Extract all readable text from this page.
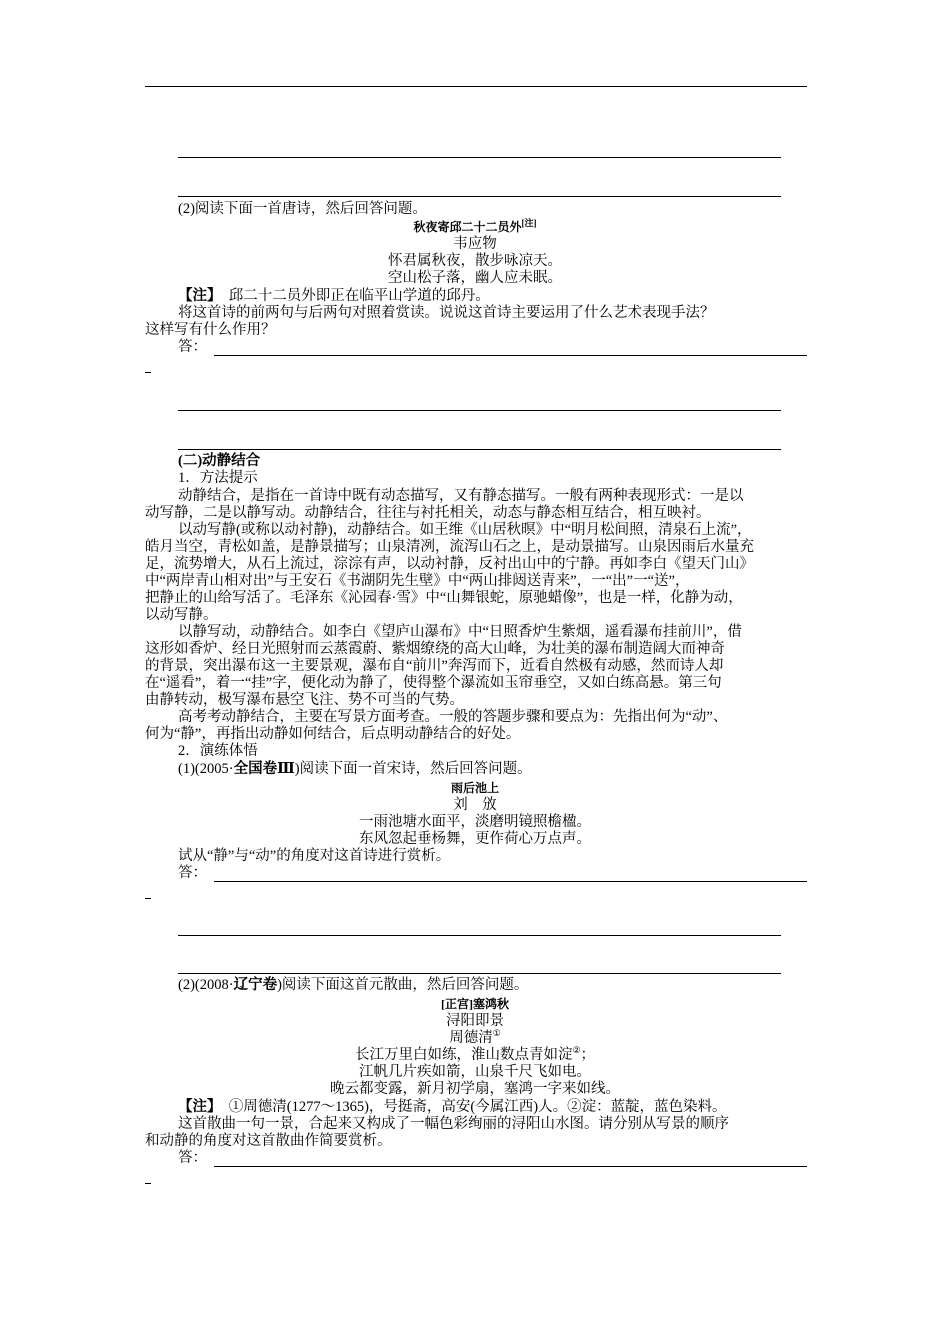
(2)阅读下面一首唐诗，然后回答问题。
秋夜寄邱二十二员外[注]
韦应物
怀君属秋夜，散步咏凉天。
空山松子落，幽人应未眠。
【注】 邱二十二员外即正在临平山学道的邱丹。
将这首诗的前两句与后两句对照着赏读。说说这首诗主要运用了什么艺术表现手法？
这样写有什么作用？
答：
(二)动静结合
1．方法提示
动静结合，是指在一首诗中既有动态描写，又有静态描写。一般有两种表现形式：一是以
动写静，二是以静写动。动静结合，往往与衬托相关，动态与静态相互结合，相互映衬。
以动写静(或称以动衬静)，动静结合。如王维《山居秋暝》中“明月松间照，清泉石上流”，
皓月当空，青松如盖，是静景描写；山泉清冽，流泻山石之上，是动景描写。山泉因雨后水量充
足，流势增大，从石上流过，淙淙有声，以动衬静，反衬出山中的宁静。再如李白《望天门山》
中“两岸青山相对出”与王安石《书湖阴先生壁》中“两山排闼送青来”，一“出”一“送”，
把静止的山给写活了。毛泽东《沁园春·雪》中“山舞银蛇，原驰蜡像”，也是一样，化静为动，
以动写静。
以静写动，动静结合。如李白《望庐山瀑布》中“日照香炉生紫烟，遥看瀑布挂前川”，借
这形如香炉、经日光照射而云蒸霞蔚、紫烟缭绕的高大山峰，为壮美的瀑布制造阔大而神奇
的背景，突出瀑布这一主要景观，瀑布自“前川”奔泻而下，近看自然极有动感，然而诗人却
在“遥看”，着一“挂”字，便化动为静了，使得整个瀑流如玉帘垂空，又如白练高悬。第三句
由静转动，极写瀑布悬空飞注、势不可当的气势。
高考考动静结合，主要在写景方面考查。一般的答题步骤和要点为：先指出何为“动”、
何为“静”，再指出动静如何结合，后点明动静结合的好处。
2．演练体悟
(1)(2005·全国卷Ⅲ)阅读下面一首宋诗，然后回答问题。
雨后池上
刘　攽
一雨池塘水面平，淡磨明镜照檐楹。
东风忽起垂杨舞，更作荷心万点声。
试从“静”与“动”的角度对这首诗进行赏析。
答：
(2)(2008·辽宁卷)阅读下面这首元散曲，然后回答问题。
[正宫]塞鸿秋
浔阳即景
周德清①
长江万里白如练，淮山数点青如淀②；
江帆几片疾如箭，山泉千尺飞如电。
晚云都变露，新月初学扇，塞鸿一字来如线。
【注】 ①周德清(1277～1365)，号挺斋，高安(今属江西)人。②淀：蓝靛，蓝色染料。
这首散曲一句一景，合起来又构成了一幅色彩绚丽的浔阳山水图。请分别从写景的顺序
和动静的角度对这首散曲作简要赏析。
答：
